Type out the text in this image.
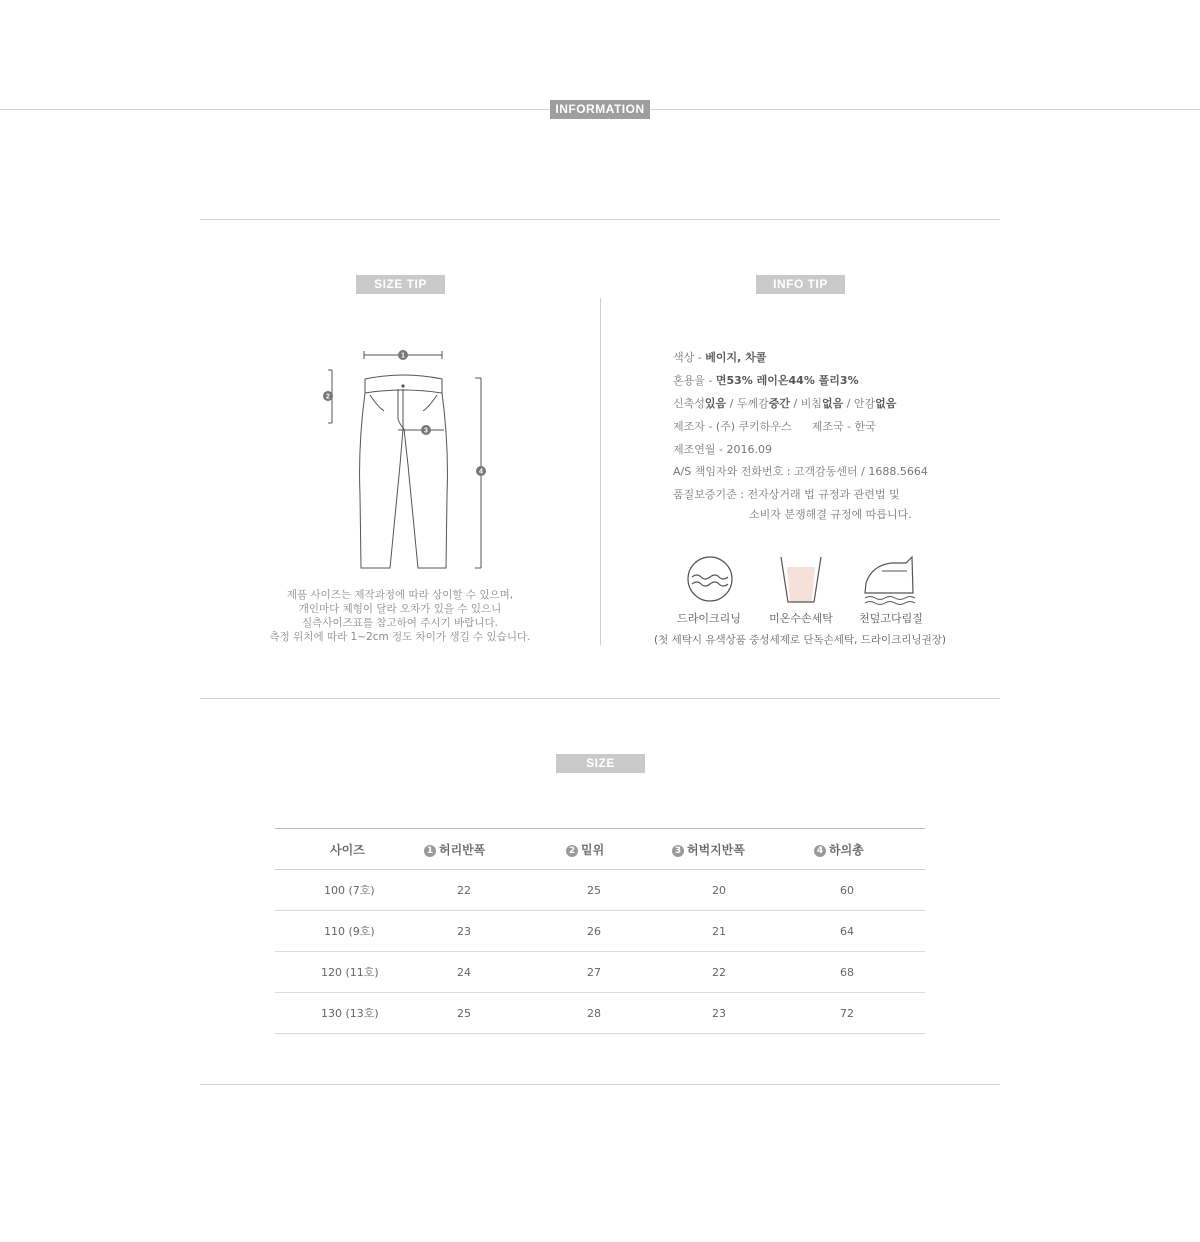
INFORMATION
SIZE TIP	INFO TIP
1
2
3
4
제품 사이즈는 제작과정에 따라 상이할 수 있으며,
개인마다 체형이 달라 오차가 있을 수 있으니
실측사이즈표를 참고하여 주시기 바랍니다.
측정 위치에 따라 1~2cm 정도 차이가 생길 수 있습니다.
색상 - 베이지, 차콜
혼용율 - 면53% 레이온44% 폴리3%
신축성있음 / 두께감중간 / 비침없음 / 안감없음
제조자 - (주) 쿠키하우스 제조국 - 한국
제조연월 - 2016.09
A/S 책임자와 전화번호 : 고객감동센터 / 1688.5664
품질보증기준 : 전자상거래 법 규정과 관련법 및
소비자 분쟁해결 규정에 따릅니다.
드라이크리닝	미온수손세탁	천덮고다림질
(첫 세탁시 유색상품 중성세제로 단독손세탁, 드라이크리닝권장)
SIZE
사이즈	1 허리반폭	2 밑위	3 허벅지반폭	4 하의총
100 (7호)	22	25	20	60
110 (9호)	23	26	21	64
120 (11호)	24	27	22	68
130 (13호)	25	28	23	72
